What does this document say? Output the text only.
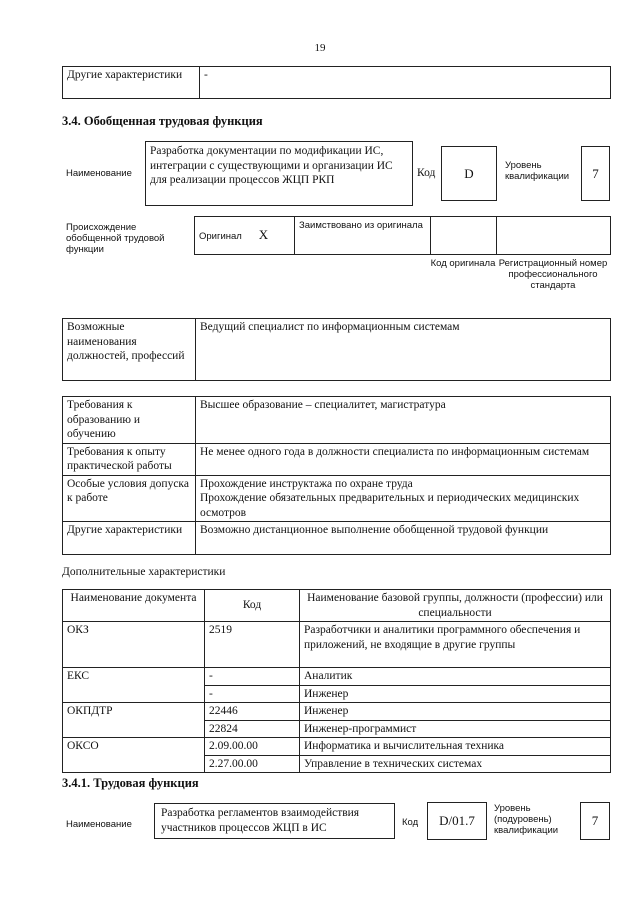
19
Другие характеристики	-
3.4. Обобщенная трудовая функция
Наименование
Разработка документации по модификации ИС, интеграции с существующими и организации ИС для реализации процессов ЖЦП РКП
Код	D
Уровень квалификации	7
Происхождение обобщенной трудовой функции
Оригинал X	Заимствовано из оригинала		
Код оригинала Регистрационный номер профессионального стандарта
Возможные наименования должностей, профессий	Ведущий специалист по информационным системам
Требования к образованию и обучению	Высшее образование – специалитет, магистратура
Требования к опыту практической работы	Не менее одного года в должности специалиста по информационным системам
Особые условия допуска к работе	Прохождение инструктажа по охране труда
Прохождение обязательных предварительных и периодических медицинских осмотров

Другие характеристики	Возможно дистанционное выполнение обобщенной трудовой функции
Дополнительные характеристики
Наименование документа	Код	Наименование базовой группы, должности (профессии) или специальности
ОКЗ	2519	Разработчики и аналитики программного обеспечения и приложений, не входящие в другие группы
ЕКС	-	Аналитик
	-	Инженер
ОКПДТР	22446	Инженер
	22824	Инженер-программист
ОКСО	2.09.00.00	Информатика и вычислительная техника
	2.27.00.00	Управление в технических системах
3.4.1. Трудовая функция
Наименование
Разработка регламентов взаимодействия участников процессов ЖЦП в ИС	Код	D/01.7
Уровень (подуровень) квалификации
7
